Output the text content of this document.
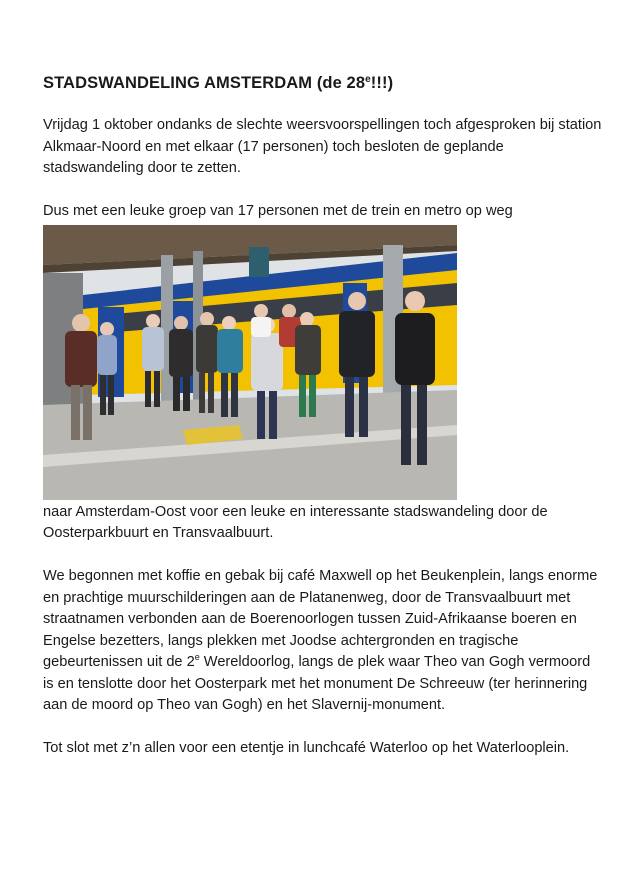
STADSWANDELING AMSTERDAM (de 28e!!!)

Vrijdag 1 oktober ondanks de slechte weersvoorspellingen toch afgesproken bij station Alkmaar-Noord en met elkaar (17 personen) toch besloten de geplande stadswandeling door te zetten.

Dus met een leuke groep van 17 personen met de trein en metro op weg

naar Amsterdam-Oost voor een leuke en interessante stadswandeling door de Oosterparkbuurt en Transvaalbuurt.

We begonnen met koffie en gebak bij café Maxwell op het Beukenplein, langs enorme en prachtige muurschilderingen aan de Platanenweg, door de Transvaalbuurt met straatnamen verbonden aan de Boerenoorlogen tussen Zuid-Afrikaanse boeren en Engelse bezetters, langs plekken met Joodse achtergronden en tragische gebeurtenissen uit de 2e Wereldoorlog, langs de plek waar Theo van Gogh vermoord is en tenslotte door het Oosterpark met het monument De Schreeuw (ter herinnering aan de moord op Theo van Gogh) en het Slavernij-monument.

Tot slot met z’n allen voor een etentje in lunchcafé Waterloo op het Waterlooplein.
